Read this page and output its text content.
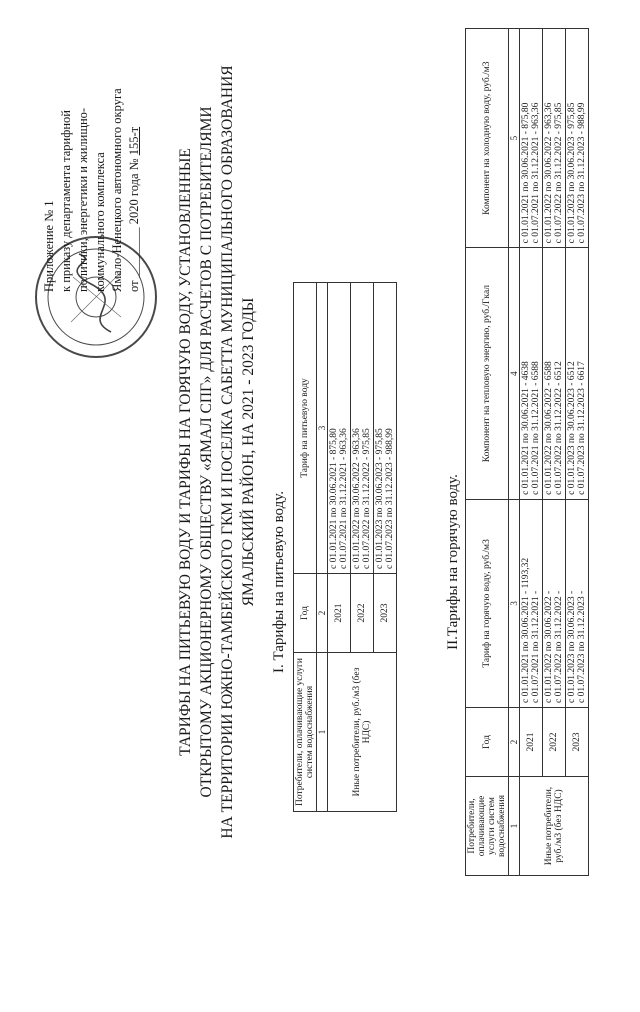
Приложение № 1 к приказу департамента тарифной политики, энергетики и жилищно- коммунального комплекса Ямало-Ненецкого автономного округа от ________ 2020 года № 155-т
ТАРИФЫ НА ПИТЬЕВУЮ ВОДУ И ТАРИФЫ НА ГОРЯЧУЮ ВОДУ, УСТАНОВЛЕННЫЕ ОТКРЫТОМУ АКЦИОНЕРНОМУ ОБЩЕСТВУ «ЯМАЛ СПГ» ДЛЯ РАСЧЕТОВ С ПОТРЕБИТЕЛЯМИ НА ТЕРРИТОРИИ ЮЖНО-ТАМБЕЙСКОГО ГКМ И ПОСЕЛКА САБЕТТА МУНИЦИПАЛЬНОГО ОБРАЗОВАНИЯ ЯМАЛЬСКИЙ РАЙОН, НА 2021 - 2023 ГОДЫ I. Тарифы на питьевую воду.
Потребители, оплачивающие услуги систем водоснабжения	Год	Тариф на питьевую воду
1	2	3
Иные потребители, руб./м3 (без НДС)	2021	с 01.01.2021 по 30.06.2021 - 875,80 с 01.07.2021 по 31.12.2021 - 963,36

	2022	с 01.01.2022 по 30.06.2022 - 963,36 с 01.07.2022 по 31.12.2022 - 975,85

	2023	с 01.01.2023 по 30.06.2023 - 975,85 с 01.07.2023 по 31.12.2023 - 988,99	II.Тарифы на горячую воду.
Потребители, оплачивающие услуги систем водоснабжения	Год	Тариф на горячую воду, руб./м3	Компонент на тепловую энергию, руб./Гкал	Компонент на холодную воду, руб./м3
1	2	3	4	5
Иные потребители, руб./м3 (без НДС)	2021	с 01.01.2021 по 30.06.2021 - 1193,32 с 01.07.2021 по 31.12.2021 -	с 01.01.2021 по 30.06.2021 - 4638 с 01.07.2021 по 31.12.2021 - 6588	с 01.01.2021 по 30.06.2021 - 875,80 с 01.07.2021 по 31.12.2021 - 963,36

	2022	с 01.01.2022 по 30.06.2022 - с 01.07.2022 по 31.12.2022 -	с 01.01.2022 по 30.06.2022 - 6588 с 01.07.2022 по 31.12.2022 - 6512	с 01.01.2022 по 30.06.2022 - 963,36 с 01.07.2022 по 31.12.2022 - 975,85

	2023	с 01.01.2023 по 30.06.2023 - с 01.07.2023 по 31.12.2023 -	с 01.01.2023 по 30.06.2023 - 6512 с 01.07.2023 по 31.12.2023 - 6617	с 01.01.2023 по 30.06.2023 - 975,85 с 01.07.2023 по 31.12.2023 - 988,99
